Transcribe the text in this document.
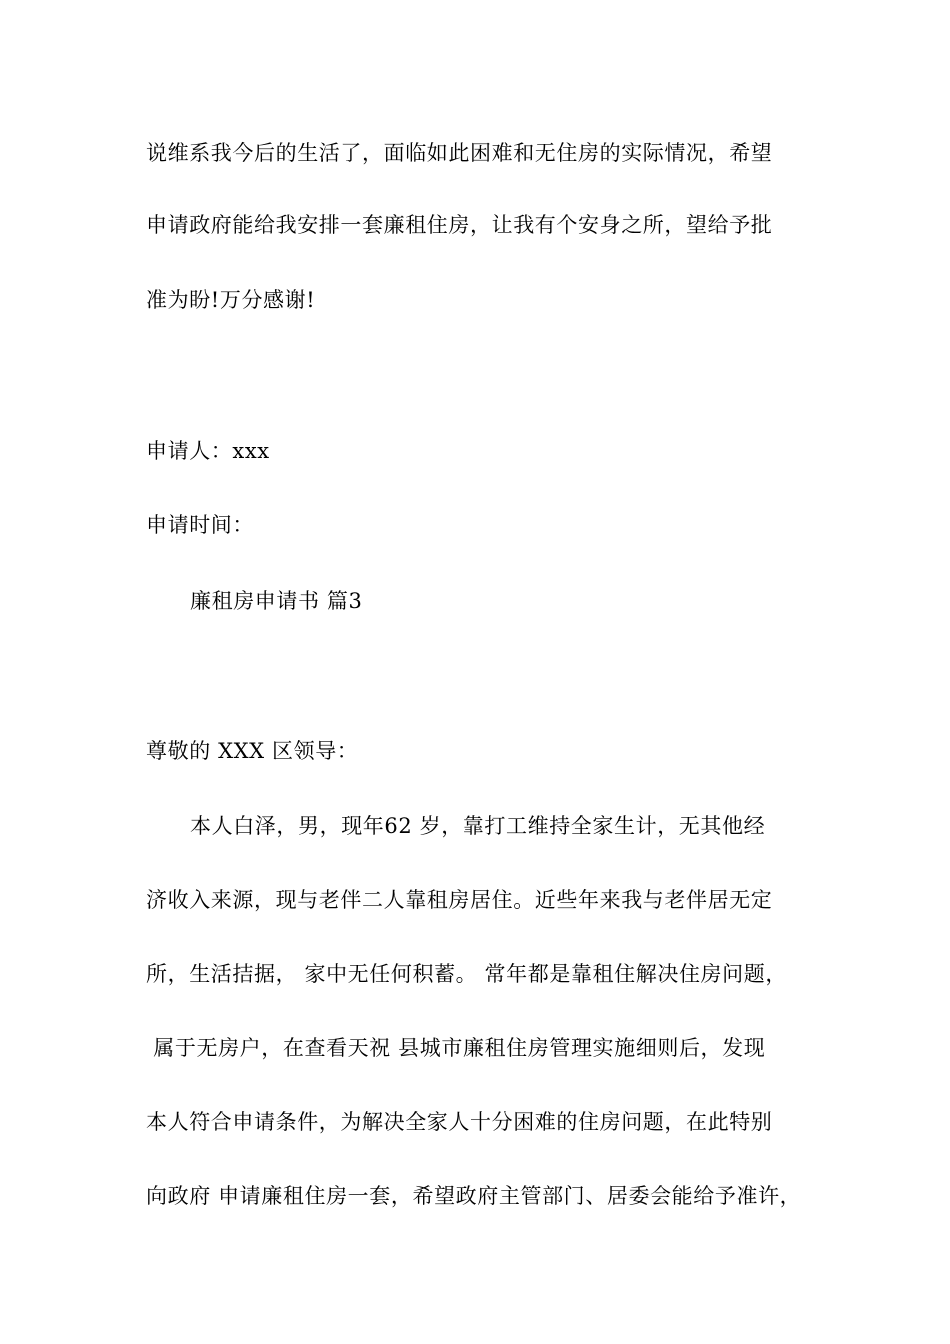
说维系我今后的生活了，面临如此困难和无住房的实际情况，希望
申请政府能给我安排一套廉租住房，让我有个安身之所，望给予批
准为盼!万分感谢!
申请人：xxx
申请时间：
廉租房申请书 篇3
尊敬的 XXX 区领导：
本人白泽，男，现年62 岁，靠打工维持全家生计，无其他经
济收入来源，现与老伴二人靠租房居住。近些年来我与老伴居无定
所，生活拮据， 家中无任何积蓄。 常年都是靠租住解决住房问题，
属于无房户，在查看天祝 县城市廉租住房管理实施细则后，发现
本人符合申请条件，为解决全家人十分困难的住房问题，在此特别
向政府 申请廉租住房一套，希望政府主管部门、居委会能给予准许，
